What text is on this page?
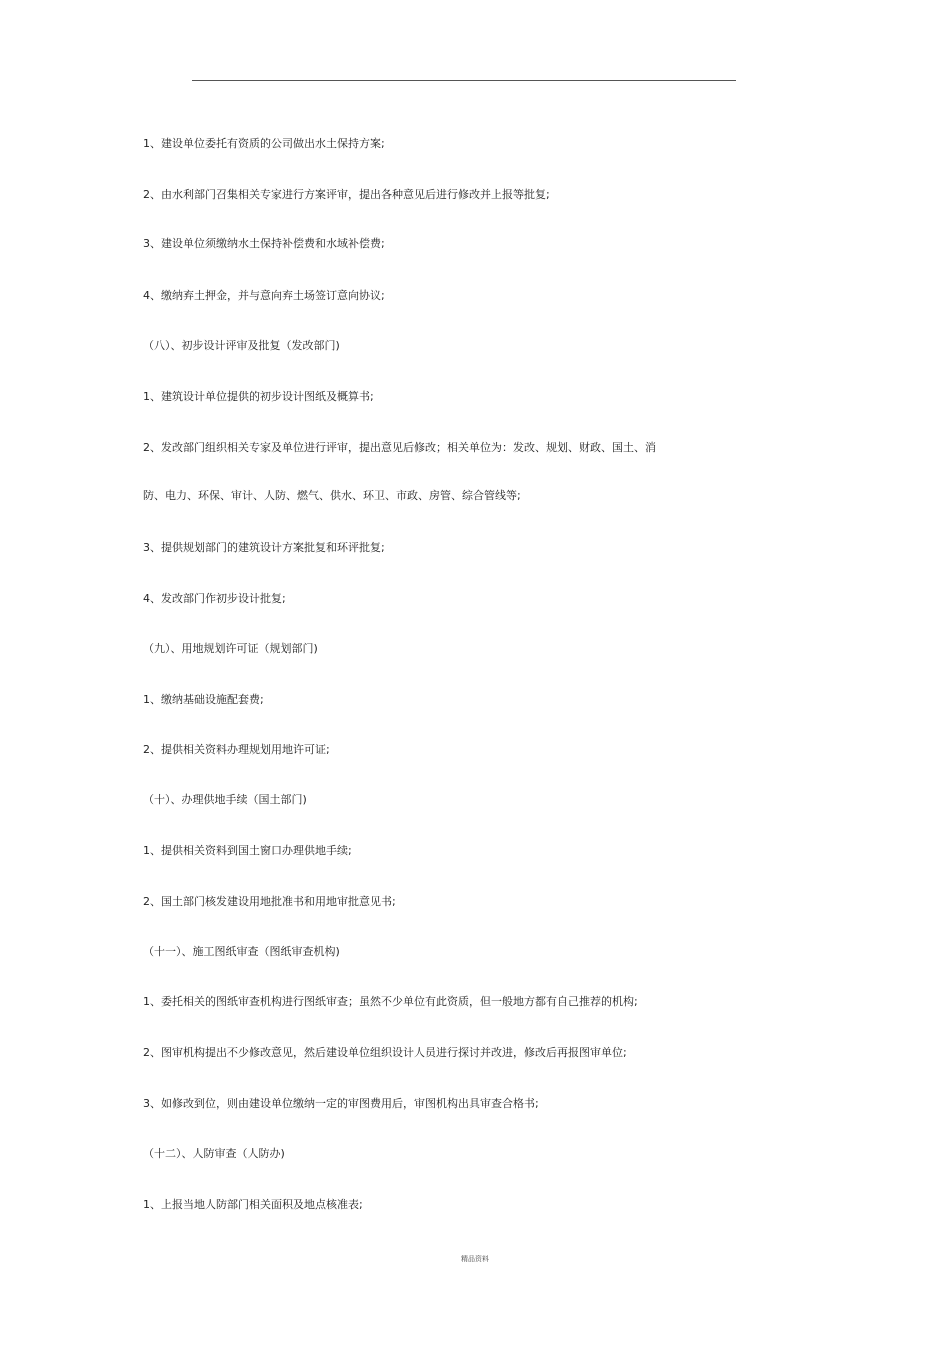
1、建设单位委托有资质的公司做出水土保持方案;
2、由水利部门召集相关专家进行方案评审，提出各种意见后进行修改并上报等批复;
3、建设单位须缴纳水土保持补偿费和水域补偿费;
4、缴纳弃土押金，并与意向弃土场签订意向协议;
（八）、初步设计评审及批复（发改部门)
1、建筑设计单位提供的初步设计图纸及概算书;
2、发改部门组织相关专家及单位进行评审，提出意见后修改；相关单位为：发改、规划、财政、国土、消
防、电力、环保、审计、人防、燃气、供水、环卫、市政、房管、综合管线等;
3、提供规划部门的建筑设计方案批复和环评批复;
4、发改部门作初步设计批复;
（九）、用地规划许可证（规划部门)
1、缴纳基础设施配套费;
2、提供相关资料办理规划用地许可证;
（十）、办理供地手续（国土部门)
1、提供相关资料到国土窗口办理供地手续;
2、国土部门核发建设用地批准书和用地审批意见书;
（十一）、施工图纸审查（图纸审查机构)
1、委托相关的图纸审查机构进行图纸审查；虽然不少单位有此资质，但一般地方都有自己推荐的机构;
2、图审机构提出不少修改意见，然后建设单位组织设计人员进行探讨并改进，修改后再报图审单位;
3、如修改到位，则由建设单位缴纳一定的审图费用后，审图机构出具审查合格书;
（十二）、人防审查（人防办)
1、上报当地人防部门相关面积及地点核准表;
精品资料
